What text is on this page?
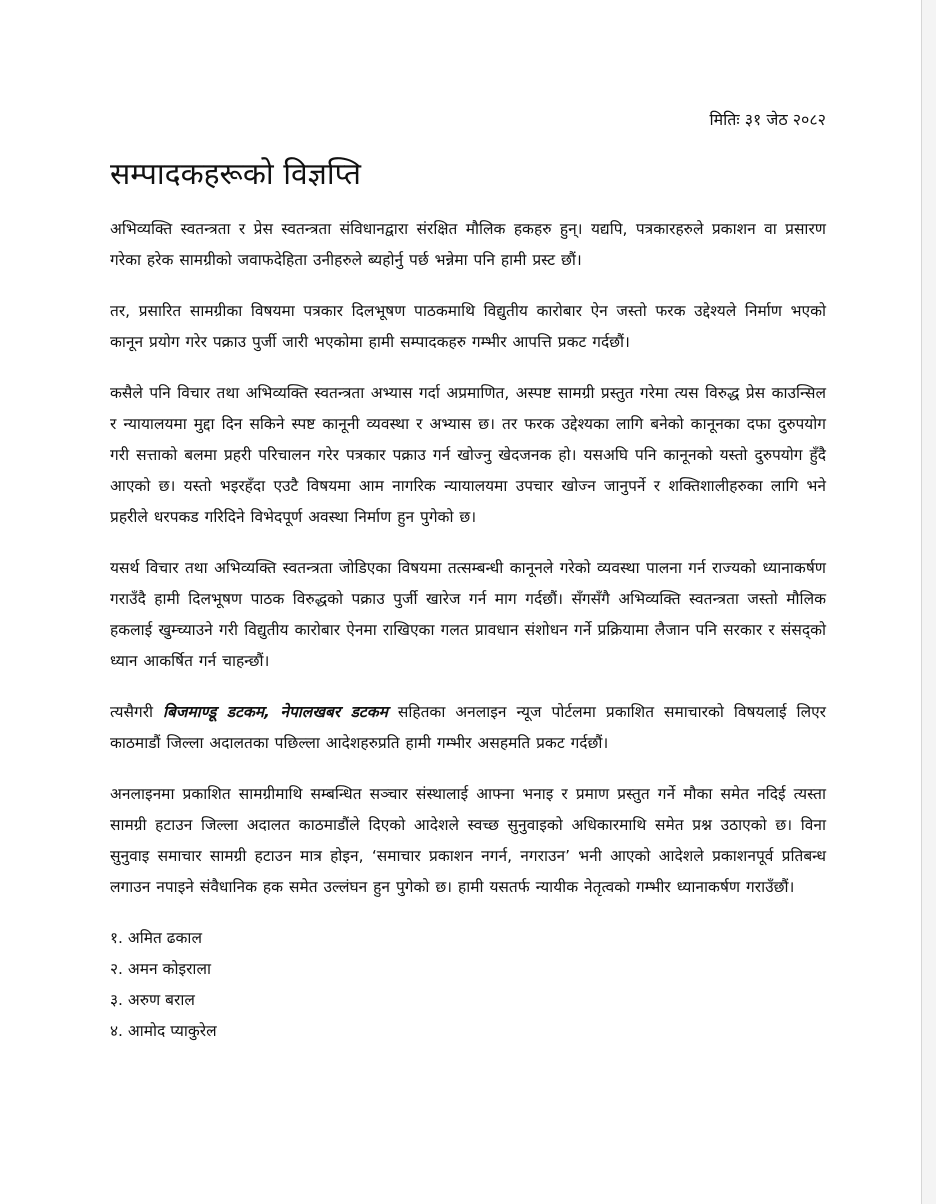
मितिः ३१ जेठ २०८२
सम्पादकहरूको विज्ञप्ति

अभिव्यक्ति स्वतन्त्रता र प्रेस स्वतन्त्रता संविधानद्वारा संरक्षित मौलिक हकहरु हुन्। यद्यपि, पत्रकारहरुले प्रकाशन वा प्रसारण गरेका हरेक सामग्रीको जवाफदेहिता उनीहरुले ब्यहोर्नु पर्छ भन्नेमा पनि हामी प्रस्ट छौं।

तर, प्रसारित सामग्रीका विषयमा पत्रकार दिलभूषण पाठकमाथि विद्युतीय कारोबार ऐन जस्तो फरक उद्देश्यले निर्माण भएको कानून प्रयोग गरेर पक्राउ पुर्जी जारी भएकोमा हामी सम्पादकहरु गम्भीर आपत्ति प्रकट गर्दछौं।

कसैले पनि विचार तथा अभिव्यक्ति स्वतन्त्रता अभ्यास गर्दा अप्रमाणित, अस्पष्ट सामग्री प्रस्तुत गरेमा त्यस विरुद्ध प्रेस काउन्सिल र न्यायालयमा मुद्दा दिन सकिने स्पष्ट कानूनी व्यवस्था र अभ्यास छ। तर फरक उद्देश्यका लागि बनेको कानूनका दफा दुरुपयोग गरी सत्ताको बलमा प्रहरी परिचालन गरेर पत्रकार पक्राउ गर्न खोज्नु खेदजनक हो। यसअघि पनि कानूनको यस्तो दुरुपयोग हुँदै आएको छ। यस्तो भइरहँदा एउटै विषयमा आम नागरिक न्यायालयमा उपचार खोज्न जानुपर्ने र शक्तिशालीहरुका लागि भने प्रहरीले धरपकड गरिदिने विभेदपूर्ण अवस्था निर्माण हुन पुगेको छ।

यसर्थ विचार तथा अभिव्यक्ति स्वतन्त्रता जोडिएका विषयमा तत्सम्बन्धी कानूनले गरेको व्यवस्था पालना गर्न राज्यको ध्यानाकर्षण गराउँदै हामी दिलभूषण पाठक विरुद्धको पक्राउ पुर्जी खारेज गर्न माग गर्दछौं। सँगसँगै अभिव्यक्ति स्वतन्त्रता जस्तो मौलिक हकलाई खुम्च्याउने गरी विद्युतीय कारोबार ऐनमा राखिएका गलत प्रावधान संशोधन गर्ने प्रक्रियामा लैजान पनि सरकार र संसद्को ध्यान आकर्षित गर्न चाहन्छौं।

त्यसैगरी बिजमाण्डू डटकम, नेपालखबर डटकम सहितका अनलाइन न्यूज पोर्टलमा प्रकाशित समाचारको विषयलाई लिएर काठमाडौं जिल्ला अदालतका पछिल्ला आदेशहरुप्रति हामी गम्भीर असहमति प्रकट गर्दछौं।

अनलाइनमा प्रकाशित सामग्रीमाथि सम्बन्धित सञ्चार संस्थालाई आफ्ना भनाइ र प्रमाण प्रस्तुत गर्ने मौका समेत नदिई त्यस्ता सामग्री हटाउन जिल्ला अदालत काठमाडौंले दिएको आदेशले स्वच्छ सुनुवाइको अधिकारमाथि समेत प्रश्न उठाएको छ। विना सुनुवाइ समाचार सामग्री हटाउन मात्र होइन, ‘समाचार प्रकाशन नगर्न, नगराउन’ भनी आएको आदेशले प्रकाशनपूर्व प्रतिबन्ध लगाउन नपाइने संवैधानिक हक समेत उल्लंघन हुन पुगेको छ। हामी यसतर्फ न्यायीक नेतृत्वको गम्भीर ध्यानाकर्षण गराउँछौं।

१. अमित ढकाल
२. अमन कोइराला
३. अरुण बराल
४. आमोद प्याकुरेल
